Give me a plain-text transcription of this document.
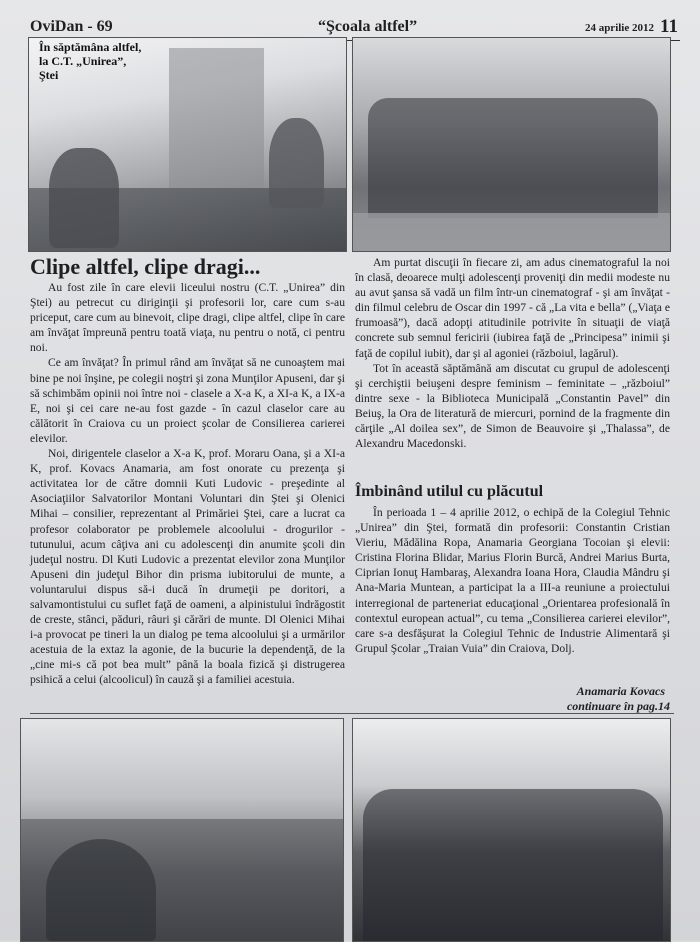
OviDan - 69	“Şcoala altfel”	24 aprilie 2012 11
În săptămâna altfel,
la C.T. „Unirea”,
Ştei
Clipe altfel, clipe dragi...

Au fost zile în care elevii liceului nostru (C.T. „Unirea” din Ştei) au petrecut cu diriginţii şi profesorii lor, care cum s-au priceput, care cum au binevoit, clipe dragi, clipe altfel, clipe în care am învăţat împreună pentru toată viaţa, nu pentru o notă, ci pentru noi.

Ce am învăţat? În primul rând am învăţat să ne cunoaştem mai bine pe noi înşine, pe colegii noştri şi zona Munţilor Apuseni, dar şi să schimbăm opinii noi între noi - clasele a X-a K, a XI-a K, a IX-a E, noi şi cei care ne-au fost gazde - în cazul claselor care au călătorit în Craiova cu un proiect şcolar de Consilierea carierei elevilor.

Noi, dirigentele claselor a X-a K, prof. Moraru Oana, şi a XI-a K, prof. Kovacs Anamaria, am fost onorate cu prezenţa şi activitatea lor de către domnii Kuti Ludovic - preşedinte al Asociaţiilor Salvatorilor Montani Voluntari din Ştei şi Olenici Mihai – consilier, reprezentant al Primăriei Ştei, care a lucrat ca profesor colaborator pe problemele alcoolului - drogurilor - tutunului, acum câţiva ani cu adolescenţi din anumite şcoli din judeţul nostru. Dl Kuti Ludovic a prezentat elevilor zona Munţilor Apuseni din judeţul Bihor din prisma iubitorului de munte, a voluntarului dispus să-i ducă în drumeţii pe doritori, a salvamontistului cu suflet faţă de oameni, a alpinistului îndrăgostit de creste, stânci, păduri, râuri şi cărări de munte. Dl Olenici Mihai i-a provocat pe tineri la un dialog pe tema alcoolului şi a urmărilor acestuia de la extaz la agonie, de la bucurie la dependenţă, de la „cine mi-s că pot bea mult” până la boala fizică şi distrugerea psihică a celui (alcoolicul) în cauză şi a familiei acestuia.

Am purtat discuţii în fiecare zi, am adus cinematograful la noi în clasă, deoarece mulţi adolescenţi proveniţi din medii modeste nu au avut şansa să vadă un film într-un cinematograf - şi am învăţat - din filmul celebru de Oscar din 1997 - că „La vita e bella” („Viaţa e frumoasă”), dacă adopţi atitudinile potrivite în situaţii de viaţă concrete sub semnul fericirii (iubirea faţă de „Principesa” inimii şi faţă de copilul iubit), dar şi al agoniei (războiul, lagărul).

Tot în această săptămână am discutat cu grupul de adolescenţi şi cerchiştii beiuşeni despre feminism – feminitate – „războiul” dintre sexe - la Biblioteca Municipală „Constantin Pavel” din Beiuş, la Ora de literatură de miercuri, pornind de la fragmente din cărţile „Al doilea sex”, de Simon de Beauvoire şi „Thalassa”, de Alexandru Macedonski.

Îmbinând utilul cu plăcutul

În perioada 1 – 4 aprilie 2012, o echipă de la Colegiul Tehnic „Unirea” din Ştei, formată din profesorii: Constantin Cristian Vieriu, Mădălina Ropa, Anamaria Georgiana Tocoian şi elevii: Cristina Florina Blidar, Marius Florin Burcă, Andrei Marius Burta, Ciprian Ionuţ Hambaraş, Alexandra Ioana Hora, Claudia Mândru şi Ana-Maria Muntean, a participat la a III-a reuniune a proiectului interregional de parteneriat educaţional „Orientarea profesională în contextul european actual”, cu tema „Consilierea carierei elevilor”, care s-a desfăşurat la Colegiul Tehnic de Industrie Alimentară şi Grupul Şcolar „Traian Vuia” din Craiova, Dolj.

Anamaria Kovacs
continuare în pag.14
